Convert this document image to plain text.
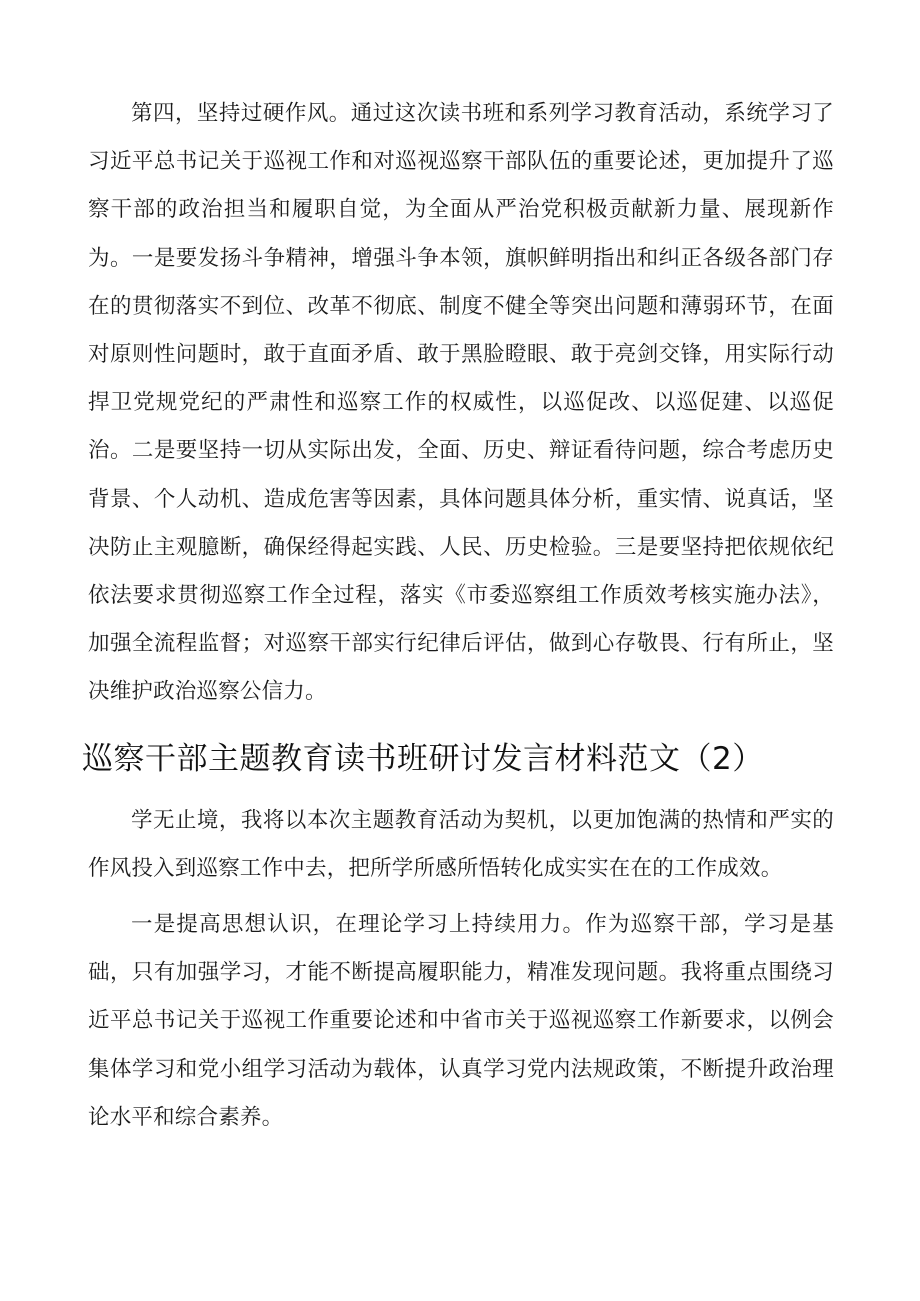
第四，坚持过硬作风。通过这次读书班和系列学习教育活动，系统学习了习近平总书记关于巡视工作和对巡视巡察干部队伍的重要论述，更加提升了巡察干部的政治担当和履职自觉，为全面从严治党积极贡献新力量、展现新作为。一是要发扬斗争精神，增强斗争本领，旗帜鲜明指出和纠正各级各部门存在的贯彻落实不到位、改革不彻底、制度不健全等突出问题和薄弱环节，在面对原则性问题时，敢于直面矛盾、敢于黑脸瞪眼、敢于亮剑交锋，用实际行动捍卫党规党纪的严肃性和巡察工作的权威性，以巡促改、以巡促建、以巡促治。二是要坚持一切从实际出发，全面、历史、辩证看待问题，综合考虑历史背景、个人动机、造成危害等因素，具体问题具体分析，重实情、说真话，坚决防止主观臆断，确保经得起实践、人民、历史检验。三是要坚持把依规依纪依法要求贯彻巡察工作全过程，落实《市委巡察组工作质效考核实施办法》，加强全流程监督；对巡察干部实行纪律后评估，做到心存敬畏、行有所止，坚决维护政治巡察公信力。

巡察干部主题教育读书班研讨发言材料范文（2）

学无止境，我将以本次主题教育活动为契机，以更加饱满的热情和严实的作风投入到巡察工作中去，把所学所感所悟转化成实实在在的工作成效。

一是提高思想认识，在理论学习上持续用力。作为巡察干部，学习是基础，只有加强学习，才能不断提高履职能力，精准发现问题。我将重点围绕习近平总书记关于巡视工作重要论述和中省市关于巡视巡察工作新要求，以例会集体学习和党小组学习活动为载体，认真学习党内法规政策，不断提升政治理论水平和综合素养。
